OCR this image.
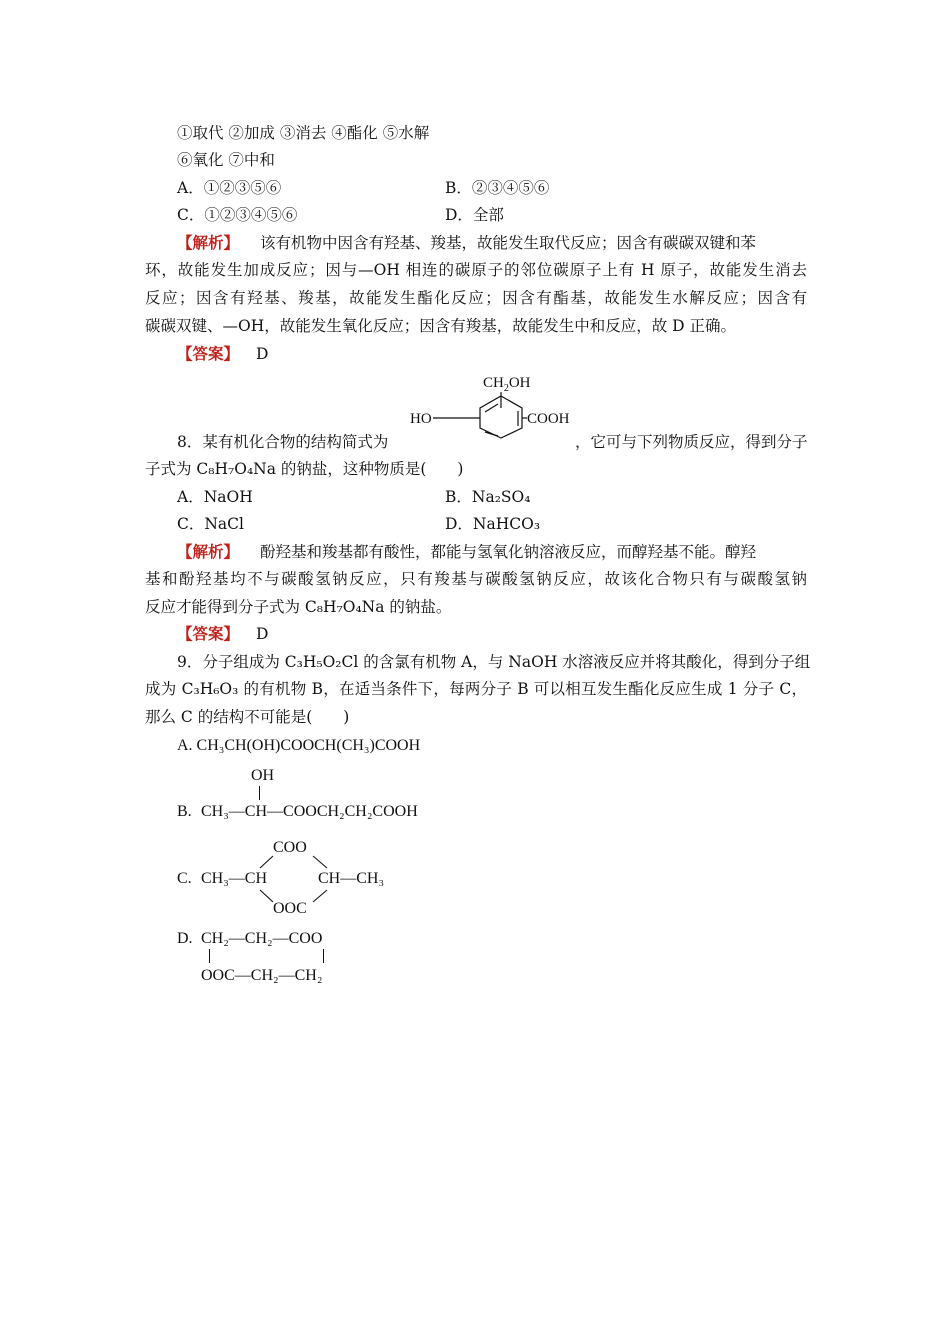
①取代 ②加成 ③消去 ④酯化 ⑤水解
⑥氧化 ⑦中和
A．①②③⑤⑥	B．②③④⑤⑥
C．①②③④⑤⑥	D．全部
【解析】 该有机物中因含有羟基、羧基，故能发生取代反应；因含有碳碳双键和苯
环，故能发生加成反应；因与—OH 相连的碳原子的邻位碳原子上有 H 原子，故能发生消去
反应；因含有羟基、羧基，故能发生酯化反应；因含有酯基，故能发生水解反应；因含有
碳碳双键、—OH，故能发生氧化反应；因含有羧基，故能发生中和反应，故 D 正确。
【答案】 D
$CH_2OH$
HO	COOH
8．某有机化合物的结构简式为	，它可与下列物质反应，得到分子
子式为 C₈H₇O₄Na 的钠盐，这种物质是(　　)
A．NaOH	B．Na₂SO₄
C．NaCl	D．NaHCO₃
【解析】 酚羟基和羧基都有酸性，都能与氢氧化钠溶液反应，而醇羟基不能。醇羟
基和酚羟基均不与碳酸氢钠反应，只有羧基与碳酸氢钠反应，故该化合物只有与碳酸氢钠
反应才能得到分子式为 C₈H₇O₄Na 的钠盐。
【答案】 D
9．分子组成为 C₃H₅O₂Cl 的含氯有机物 A，与 NaOH 水溶液反应并将其酸化，得到分子组
成为 C₃H₆O₃ 的有机物 B，在适当条件下，每两分子 B 可以相互发生酯化反应生成 1 分子 C，
那么 C 的结构不可能是(　　)
A. CH₃CH(OH)COOCH(CH₃)COOH
OH
B. CH₃—CH—COOCH₂CH₂COOH
COO
C. CH₃—CH	CH—CH₃
OOC
D. CH₂—CH₂—COO
OOC—CH₂—CH₂
